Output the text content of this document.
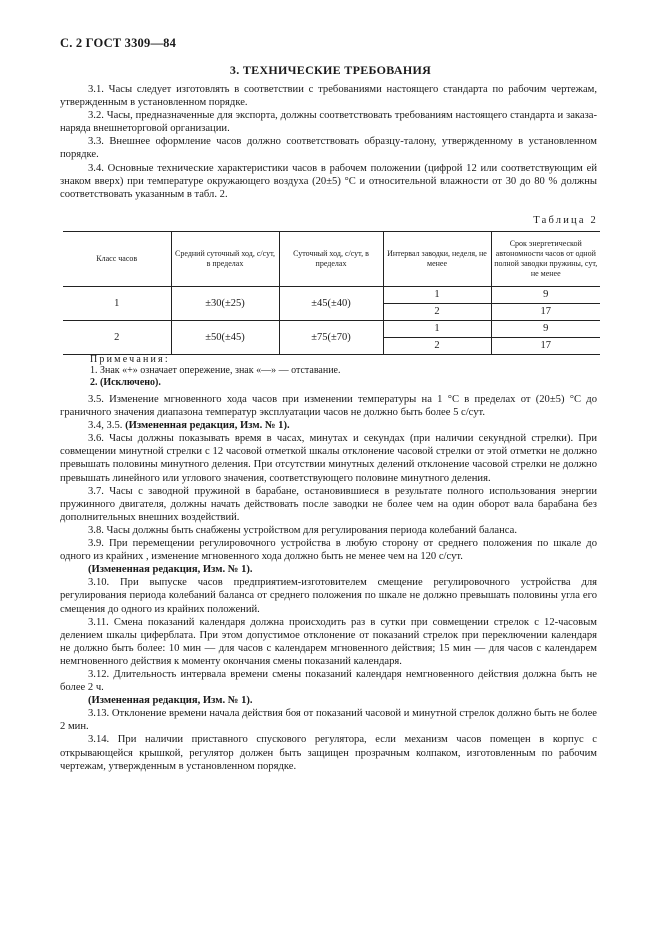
С. 2 ГОСТ 3309—84
3. ТЕХНИЧЕСКИЕ ТРЕБОВАНИЯ

3.1. Часы следует изготовлять в соответствии с требованиями настоящего стандарта по рабочим чертежам, утвержденным в установленном порядке.

3.2. Часы, предназначенные для экспорта, должны соответствовать требованиям настоящего стандарта и заказа-наряда внешнеторговой организации.

3.3. Внешнее оформление часов должно соответствовать образцу-талону, утвержденному в установленном порядке.

3.4. Основные технические характеристики часов в рабочем положении (цифрой 12 или соответствующим ей знаком вверх) при температуре окружающего воздуха (20±5) °С и относительной влажности от 30 до 80 % должны соответствовать указанным в табл. 2.

Таблица 2
Класс часов	Средний суточный ход, с/сут, в пределах	Суточный ход, с/сут, в пределах	Интервал заводки, неделя, не менее	Срок энергетической автономности часов от одной полной заводки пружины, сут, не менее
1	±30(±25)	±45(±40)	1	9
			2	17
2	±50(±45)	±75(±70)	1	9
			2	17
Примечания:
1. Знак «+» означает опережение, знак «—» — отставание.
2. (Исключено).

3.5. Изменение мгновенного хода часов при изменении температуры на 1 °С в пределах от (20±5) °С до граничного значения диапазона температур эксплуатации часов не должно быть более 5 с/сут.

3.4, 3.5. (Измененная редакция, Изм. № 1).

3.6. Часы должны показывать время в часах, минутах и секундах (при наличии секундной стрелки). При совмещении минутной стрелки с 12 часовой отметкой шкалы отклонение часовой стрелки от этой отметки не должно превышать половины минутного деления. При отсутствии минутных делений отклонение часовой стрелки не должно превышать линейного или углового значения, соответствующего половине минутного деления.

3.7. Часы с заводной пружиной в барабане, остановившиеся в результате полного использования энергии пружинного двигателя, должны начать действовать после заводки не более чем на один оборот вала барабана без дополнительных внешних воздействий.

3.8. Часы должны быть снабжены устройством для регулирования периода колебаний баланса.

3.9. При перемещении регулировочного устройства в любую сторону от среднего положения по шкале до одного из крайних , изменение мгновенного хода должно быть не менее чем на 120 с/сут.

(Измененная редакция, Изм. № 1).

3.10. При выпуске часов предприятием-изготовителем смещение регулировочного устройства для регулирования периода колебаний баланса от среднего положения по шкале не должно превышать половины угла его смещения до одного из крайних положений.

3.11. Смена показаний календаря должна происходить раз в сутки при совмещении стрелок с 12-часовым делением шкалы циферблата. При этом допустимое отклонение от показаний стрелок при переключении календаря не должно быть более: 10 мин — для часов с календарем мгновенного действия; 15 мин — для часов с календарем немгновенного действия к моменту окончания смены показаний календаря.

3.12. Длительность интервала времени смены показаний календаря немгновенного действия должна быть не более 2 ч.

(Измененная редакция, Изм. № 1).

3.13. Отклонение времени начала действия боя от показаний часовой и минутной стрелок должно быть не более 2 мин.

3.14. При наличии приставного спускового регулятора, если механизм часов помещен в корпус с открывающейся крышкой, регулятор должен быть защищен прозрачным колпаком, изготовленным по рабочим чертежам, утвержденным в установленном порядке.
